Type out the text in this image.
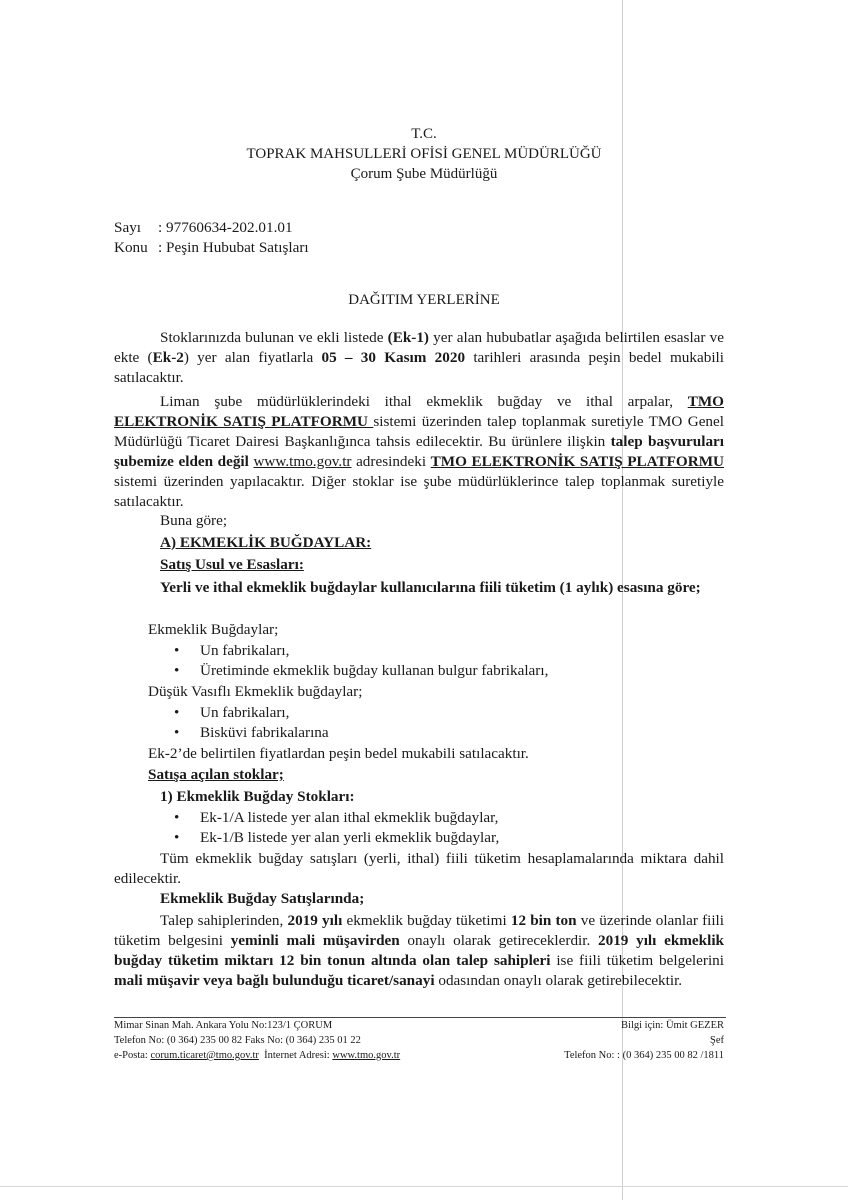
T.C.
TOPRAK MAHSULLERİ OFİSİ GENEL MÜDÜRLÜĞÜ
Çorum Şube Müdürlüğü
Sayı : 97760634-202.01.01
Konu : Peşin Hububat Satışları
DAĞITIM YERLERİNE
Stoklarınızda bulunan ve ekli listede (Ek-1) yer alan hububatlar aşağıda belirtilen esaslar ve ekte (Ek-2) yer alan fiyatlarla 05 – 30 Kasım 2020 tarihleri arasında peşin bedel mukabili satılacaktır.
Liman şube müdürlüklerindeki ithal ekmeklik buğday ve ithal arpalar, TMO ELEKTRONİK SATIŞ PLATFORMU sistemi üzerinden talep toplanmak suretiyle TMO Genel Müdürlüğü Ticaret Dairesi Başkanlığınca tahsis edilecektir. Bu ürünlere ilişkin talep başvuruları şubemize elden değil www.tmo.gov.tr adresindeki TMO ELEKTRONİK SATIŞ PLATFORMU sistemi üzerinden yapılacaktır. Diğer stoklar ise şube müdürlüklerince talep toplanmak suretiyle satılacaktır.
Buna göre;
A) EKMEKLİK BUĞDAYLAR:
Satış Usul ve Esasları:
Yerli ve ithal ekmeklik buğdaylar kullanıcılarına fiili tüketim (1 aylık) esasına göre;
Ekmeklik Buğdaylar;
• Un fabrikaları,
• Üretiminde ekmeklik buğday kullanan bulgur fabrikaları,
Düşük Vasıflı Ekmeklik buğdaylar;
• Un fabrikaları,
• Bisküvi fabrikalarına
Ek-2’de belirtilen fiyatlardan peşin bedel mukabili satılacaktır.
Satışa açılan stoklar;
1) Ekmeklik Buğday Stokları:
• Ek-1/A listede yer alan ithal ekmeklik buğdaylar,
• Ek-1/B listede yer alan yerli ekmeklik buğdaylar,
Tüm ekmeklik buğday satışları (yerli, ithal) fiili tüketim hesaplamalarında miktara dahil edilecektir.
Ekmeklik Buğday Satışlarında;
Talep sahiplerinden, 2019 yılı ekmeklik buğday tüketimi 12 bin ton ve üzerinde olanlar fiili tüketim belgesini yeminli mali müşavirden onaylı olarak getireceklerdir. 2019 yılı ekmeklik buğday tüketim miktarı 12 bin tonun altında olan talep sahipleri ise fiili tüketim belgelerini mali müşavir veya bağlı bulunduğu ticaret/sanayi odasından onaylı olarak getirebilecektir.
Mimar Sinan Mah. Ankara Yolu No:123/1 ÇORUM
Telefon No: (0 364) 235 00 82 Faks No: (0 364) 235 01 22
e-Posta: corum.ticaret@tmo.gov.tr  İnternet Adresi: www.tmo.gov.tr
Bilgi için: Ümit GEZER
Şef
Telefon No: : (0 364) 235 00 82 /1811
